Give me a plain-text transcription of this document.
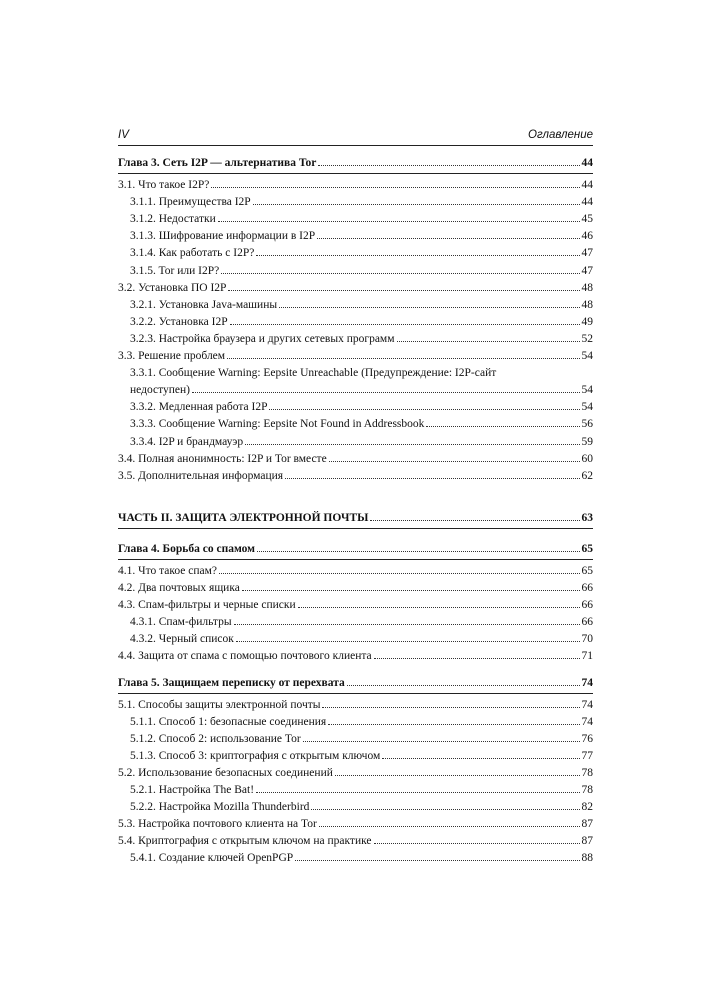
IV	Оглавление
Глава 3. Сеть I2P — альтернатива Tor	44
3.1. Что такое I2P?	44
3.1.1. Преимущества I2P	44
3.1.2. Недостатки	45
3.1.3. Шифрование информации в I2P	46
3.1.4. Как работать с I2P?	47
3.1.5. Tor или I2P?	47
3.2. Установка ПО I2P	48
3.2.1. Установка Java-машины	48
3.2.2. Установка I2P	49
3.2.3. Настройка браузера и других сетевых программ	52
3.3. Решение проблем	54
3.3.1. Сообщение Warning: Eepsite Unreachable (Предупреждение: I2P-сайт
недоступен)	54
3.3.2. Медленная работа I2P	54
3.3.3. Сообщение Warning: Eepsite Not Found in Addressbook	56
3.3.4. I2P и брандмауэр	59
3.4. Полная анонимность: I2P и Tor вместе	60
3.5. Дополнительная информация	62
ЧАСТЬ II. ЗАЩИТА ЭЛЕКТРОННОЙ ПОЧТЫ	63
Глава 4. Борьба со спамом	65
4.1. Что такое спам?	65
4.2. Два почтовых ящика	66
4.3. Спам-фильтры и черные списки	66
4.3.1. Спам-фильтры	66
4.3.2. Черный список	70
4.4. Защита от спама с помощью почтового клиента	71
Глава 5. Защищаем переписку от перехвата	74
5.1. Способы защиты электронной почты	74
5.1.1. Способ 1: безопасные соединения	74
5.1.2. Способ 2: использование Tor	76
5.1.3. Способ 3: криптография с открытым ключом	77
5.2. Использование безопасных соединений	78
5.2.1. Настройка The Bat!	78
5.2.2. Настройка Mozilla Thunderbird	82
5.3. Настройка почтового клиента на Tor	87
5.4. Криптография с открытым ключом на практике	87
5.4.1. Создание ключей OpenPGP	88
